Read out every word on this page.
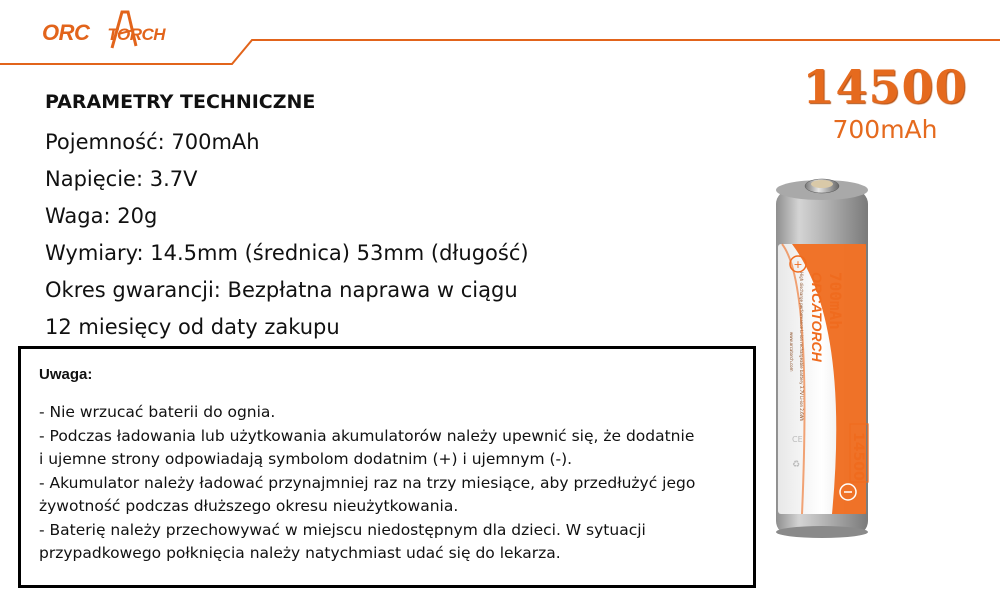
ORC TORCH
14500
700mAh
PARAMETRY TECHNICZNE
Pojemność: 700mAh
Napięcie: 3.7V
Waga: 20g
Wymiary: 14.5mm (średnica) 53mm (długość)
Okres gwarancji: Bezpłatna naprawa w ciągu
12 miesięcy od daty zakupu
Uwaga:
- Nie wrzucać baterii do ognia.
- Podczas ładowania lub użytkowania akumulatorów należy upewnić się, że dodatnie
i ujemne strony odpowiadają symbolom dodatnim (+) i ujemnym (-).
- Akumulator należy ładować przynajmniej raz na trzy miesiące, aby przedłużyć jego
żywotność podczas dłuższego okresu nieużytkowania.
- Baterię należy przechowywać w miejscu niedostępnym dla dzieci. W sytuacji
przypadkowego połknięcia należy natychmiast udać się do lekarza.
+
ORCATORCH 700mAh
14500
High discharge performance Li-ion rechargeable battery 3.7V Li-ion 2.6Wh
www.orcatorch.com
CE
♻
